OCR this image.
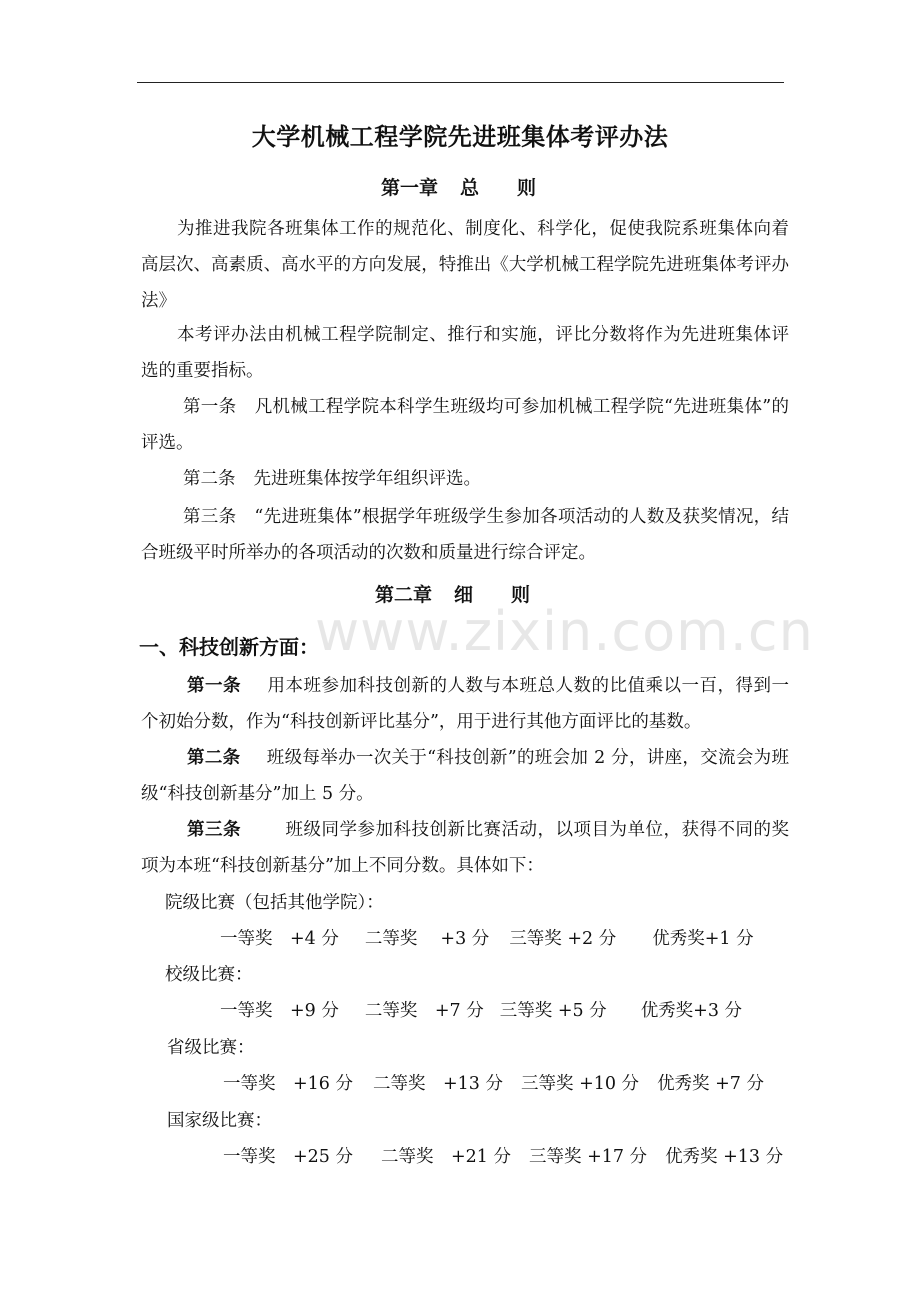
大学机械工程学院先进班集体考评办法
第一章 总　　则
为推进我院各班集体工作的规范化、制度化、科学化，促使我院系班集体向着高层次、高素质、高水平的方向发展，特推出《大学机械工程学院先进班集体考评办法》
本考评办法由机械工程学院制定、推行和实施，评比分数将作为先进班集体评选的重要指标。
第一条 凡机械工程学院本科学生班级均可参加机械工程学院“先进班集体”的评选。
第二条 先进班集体按学年组织评选。
第三条 “先进班集体”根据学年班级学生参加各项活动的人数及获奖情况，结合班级平时所举办的各项活动的次数和质量进行综合评定。
第二章 细　　则
www.zixin.com.cn
一、科技创新方面：
第一条 用本班参加科技创新的人数与本班总人数的比值乘以一百，得到一个初始分数，作为“科技创新评比基分”，用于进行其他方面评比的基数。
第二条 班级每举办一次关于“科技创新”的班会加 2 分，讲座，交流会为班级“科技创新基分”加上 5 分。
第三条	班级同学参加科技创新比赛活动，以项目为单位，获得不同的奖项为本班“科技创新基分”加上不同分数。具体如下：
院级比赛（包括其他学院）：
一等奖　+4 分 二等奖　 +3 分 三等奖 +2 分 优秀奖+1 分
校级比赛：
一等奖　+9 分 二等奖　+7 分 三等奖 +5 分 优秀奖+3 分
省级比赛：
一等奖　+16 分 二等奖　+13 分 三等奖 +10 分 优秀奖 +7 分
国家级比赛：
一等奖　+25 分 二等奖　+21 分 三等奖 +17 分 优秀奖 +13 分
